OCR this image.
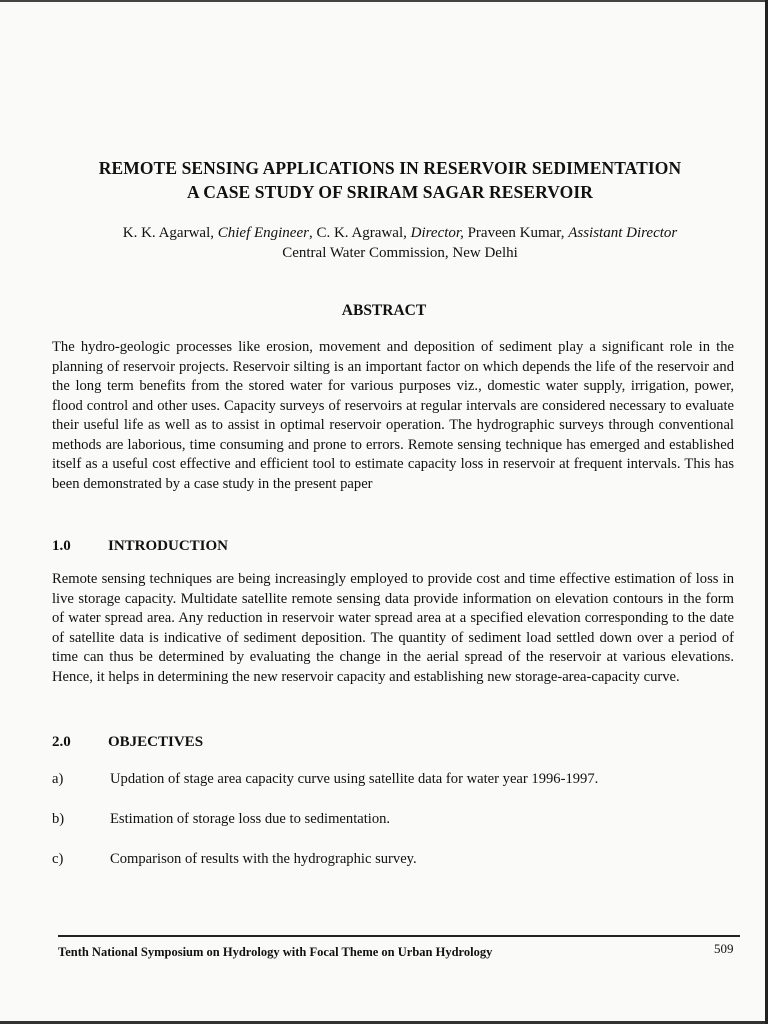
REMOTE SENSING APPLICATIONS IN RESERVOIR SEDIMENTATION
A CASE STUDY OF SRIRAM SAGAR RESERVOIR
K. K. Agarwal, Chief Engineer, C. K. Agrawal, Director, Praveen Kumar, Assistant Director
Central Water Commission, New Delhi
ABSTRACT
The hydro-geologic processes like erosion, movement and deposition of sediment play a significant role in the planning of reservoir projects. Reservoir silting is an important factor on which depends the life of the reservoir and the long term benefits from the stored water for various purposes viz., domestic water supply, irrigation, power, flood control and other uses. Capacity surveys of reservoirs at regular intervals are considered necessary to evaluate their useful life as well as to assist in optimal reservoir operation. The hydrographic surveys through conventional methods are laborious, time consuming and prone to errors. Remote sensing technique has emerged and established itself as a useful cost effective and efficient tool to estimate capacity loss in reservoir at frequent intervals. This has been demonstrated by a case study in the present paper
1.0 INTRODUCTION
Remote sensing techniques are being increasingly employed to provide cost and time effective estimation of loss in live storage capacity. Multidate satellite remote sensing data provide information on elevation contours in the form of water spread area. Any reduction in reservoir water spread area at a specified elevation corresponding to the date of satellite data is indicative of sediment deposition. The quantity of sediment load settled down over a period of time can thus be determined by evaluating the change in the aerial spread of the reservoir at various elevations. Hence, it helps in determining the new reservoir capacity and establishing new storage-area-capacity curve.
2.0 OBJECTIVES
a)	Updation of stage area capacity curve using satellite data for water year 1996-1997.
b)	Estimation of storage loss due to sedimentation.
c)	Comparison of results with the hydrographic survey.
Tenth National Symposium on Hydrology with Focal Theme on Urban Hydrology	509
